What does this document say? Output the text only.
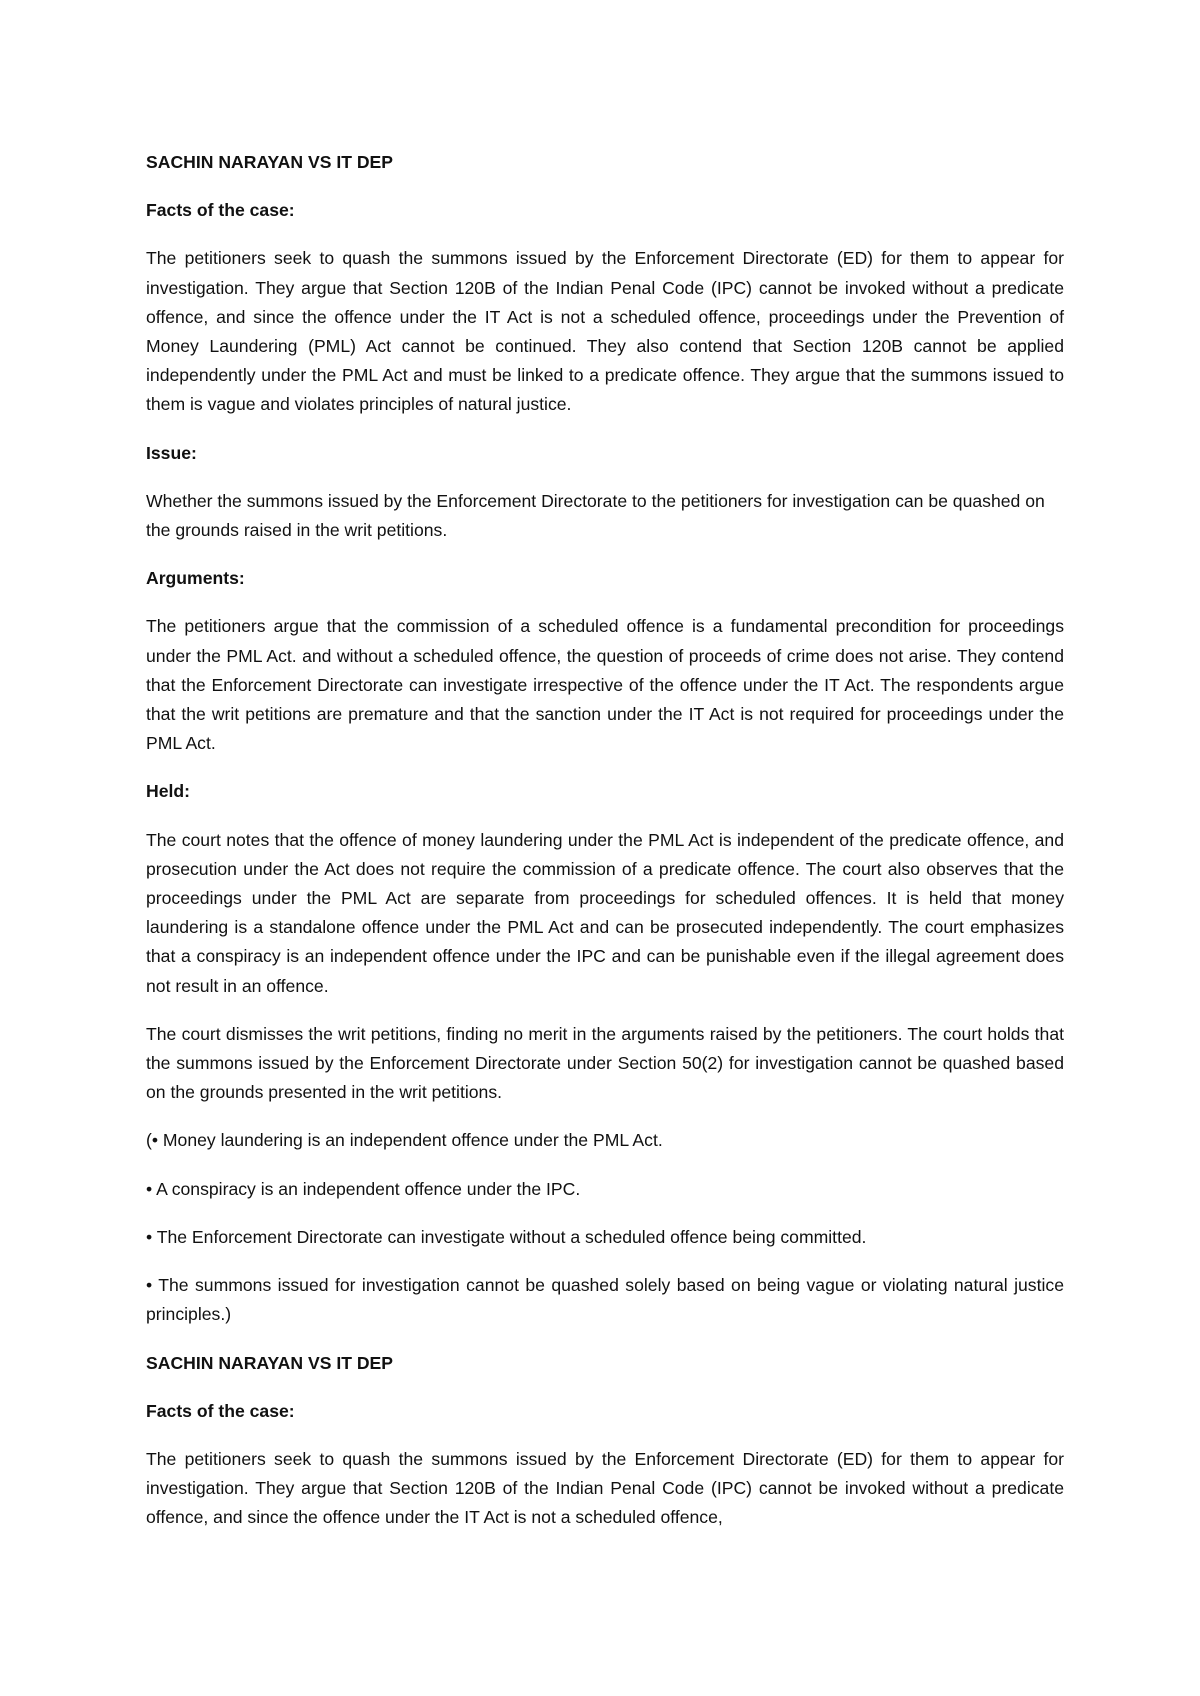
SACHIN NARAYAN VS IT DEP
Facts of the case:
The petitioners seek to quash the summons issued by the Enforcement Directorate (ED) for them to appear for investigation. They argue that Section 120B of the Indian Penal Code (IPC) cannot be invoked without a predicate offence, and since the offence under the IT Act is not a scheduled offence, proceedings under the Prevention of Money Laundering (PML) Act cannot be continued. They also contend that Section 120B cannot be applied independently under the PML Act and must be linked to a predicate offence. They argue that the summons issued to them is vague and violates principles of natural justice.
Issue:
Whether the summons issued by the Enforcement Directorate to the petitioners for investigation can be quashed on the grounds raised in the writ petitions.
Arguments:
The petitioners argue that the commission of a scheduled offence is a fundamental precondition for proceedings under the PML Act. and without a scheduled offence, the question of proceeds of crime does not arise. They contend that the Enforcement Directorate can investigate irrespective of the offence under the IT Act. The respondents argue that the writ petitions are premature and that the sanction under the IT Act is not required for proceedings under the PML Act.
Held:
The court notes that the offence of money laundering under the PML Act is independent of the predicate offence, and prosecution under the Act does not require the commission of a predicate offence. The court also observes that the proceedings under the PML Act are separate from proceedings for scheduled offences. It is held that money laundering is a standalone offence under the PML Act and can be prosecuted independently. The court emphasizes that a conspiracy is an independent offence under the IPC and can be punishable even if the illegal agreement does not result in an offence.
The court dismisses the writ petitions, finding no merit in the arguments raised by the petitioners. The court holds that the summons issued by the Enforcement Directorate under Section 50(2) for investigation cannot be quashed based on the grounds presented in the writ petitions.
(• Money laundering is an independent offence under the PML Act.
• A conspiracy is an independent offence under the IPC.
• The Enforcement Directorate can investigate without a scheduled offence being committed.
• The summons issued for investigation cannot be quashed solely based on being vague or violating natural justice principles.)
SACHIN NARAYAN VS IT DEP
Facts of the case:
The petitioners seek to quash the summons issued by the Enforcement Directorate (ED) for them to appear for investigation. They argue that Section 120B of the Indian Penal Code (IPC) cannot be invoked without a predicate offence, and since the offence under the IT Act is not a scheduled offence,
